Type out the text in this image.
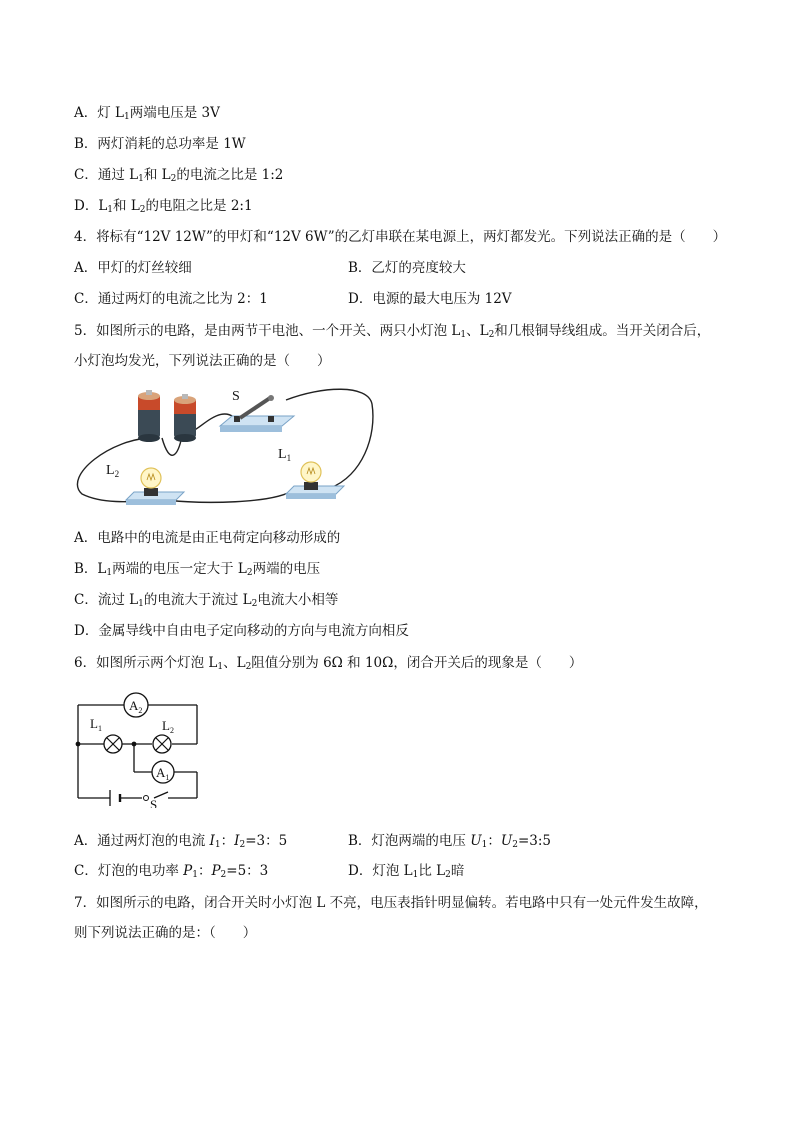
A．灯 $L_1$两端电压是 3V
B．两灯消耗的总功率是 1W
C．通过 $L_1$和 $L_2$的电流之比是 1:2
D．$L_1$和 $L_2$的电阻之比是 2:1
4．将标有“12V 12W”的甲灯和“12V 6W”的乙灯串联在某电源上，两灯都发光。下列说法正确的是（　　）
A．甲灯的灯丝较细	B．乙灯的亮度较大
C．通过两灯的电流之比为 2：1	D．电源的最大电压为 12V
5．如图所示的电路，是由两节干电池、一个开关、两只小灯泡 $L_1$、$L_2$和几根铜导线组成。当开关闭合后，
小灯泡均发光，下列说法正确的是（　　）
S
$L_2$
$L_1$
A．电路中的电流是由正电荷定向移动形成的
B．$L_1$两端的电压一定大于 $L_2$两端的电压
C．流过 $L_1$的电流大于流过 $L_2$电流大小相等
D．金属导线中自由电子定向移动的方向与电流方向相反
6．如图所示两个灯泡 $L_1$、$L_2$阻值分别为 6Ω 和 10Ω，闭合开关后的现象是（　　）
$A_2$
$L_1$	$L_2$
$A_1$
S
A．通过两灯泡的电流 $I_1$：$I_2=3$：5	B．灯泡两端的电压 $U_1$：$U_2=3:5$
C．灯泡的电功率 $P_1$：$P_2=5$：3	D．灯泡 $L_1$比 $L_2$暗
7．如图所示的电路，闭合开关时小灯泡 L 不亮，电压表指针明显偏转。若电路中只有一处元件发生故障，
则下列说法正确的是：（　　）
